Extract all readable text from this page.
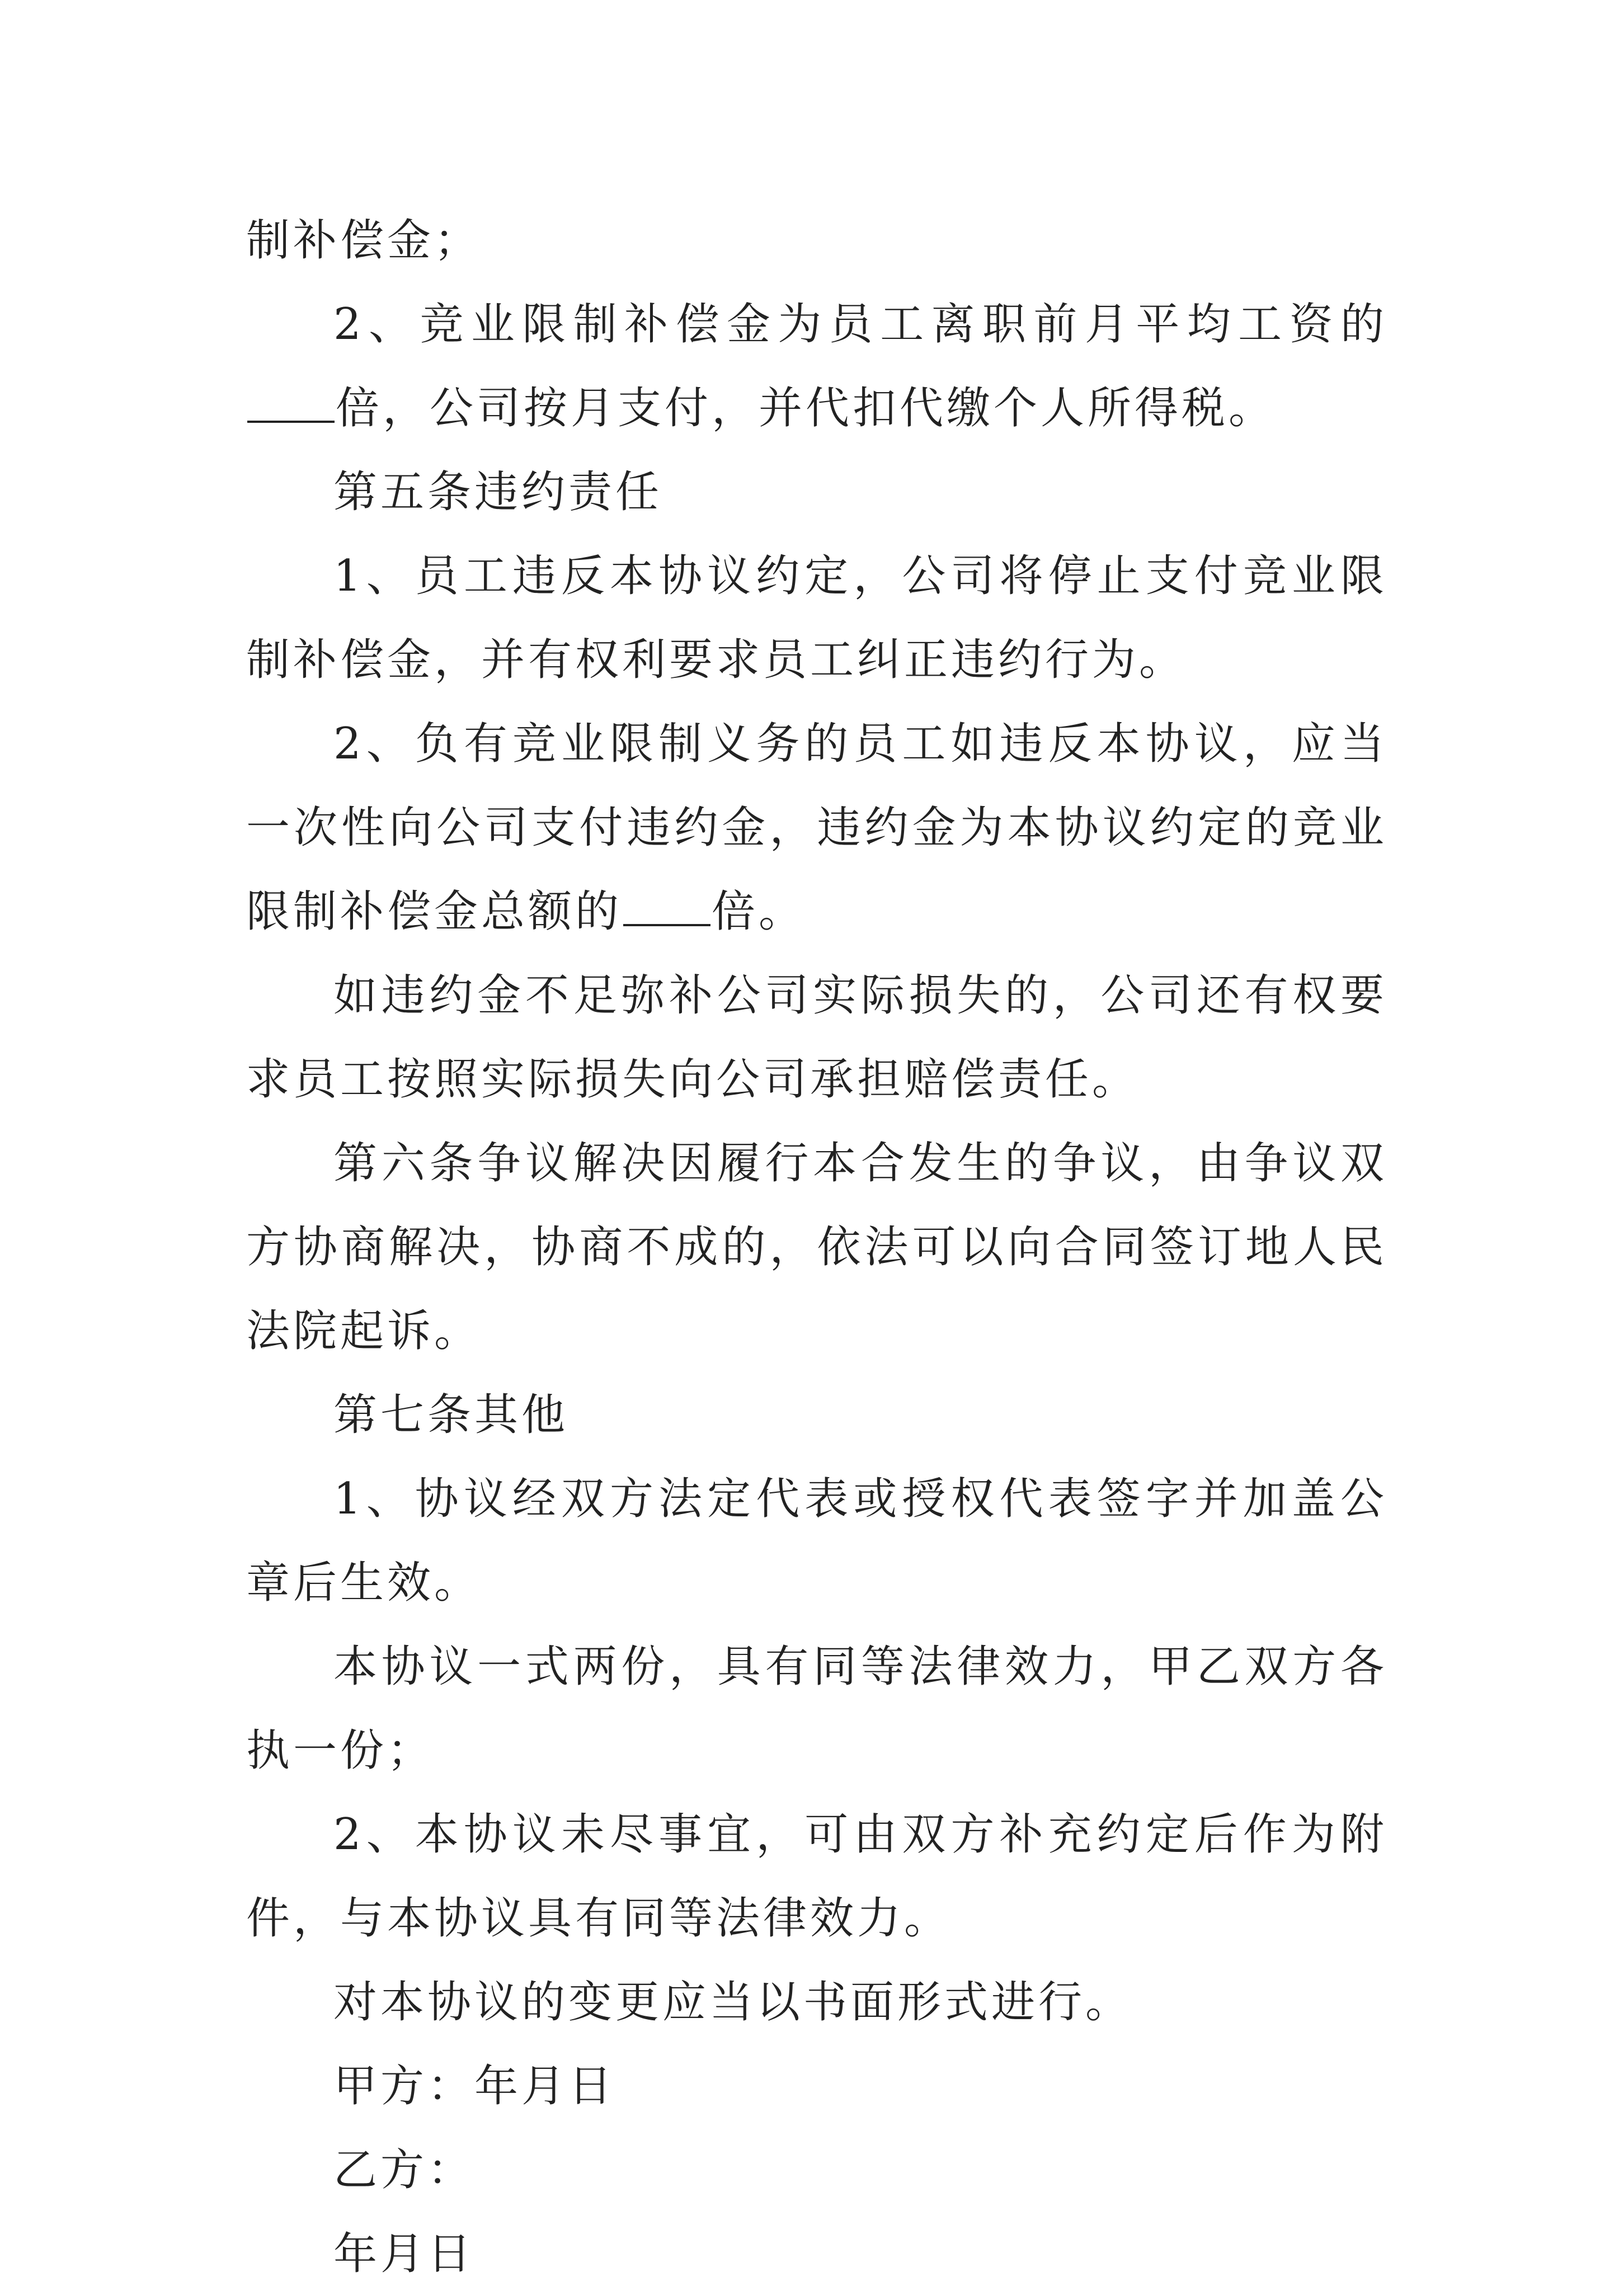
制补偿金；

2、竞业限制补偿金为员工离职前月平均工资的倍，公司按月支付，并代扣代缴个人所得税。

第五条违约责任

1、员工违反本协议约定，公司将停止支付竞业限制补偿金，并有权利要求员工纠正违约行为。

2、负有竞业限制义务的员工如违反本协议，应当一次性向公司支付违约金，违约金为本协议约定的竞业限制补偿金总额的 倍。

如违约金不足弥补公司实际损失的，公司还有权要求员工按照实际损失向公司承担赔偿责任。

第六条争议解决因履行本合发生的争议，由争议双方协商解决，协商不成的，依法可以向合同签订地人民法院起诉。

第七条其他

1、协议经双方法定代表或授权代表签字并加盖公章后生效。

本协议一式两份，具有同等法律效力，甲乙双方各执一份；

2、本协议未尽事宜，可由双方补充约定后作为附件，与本协议具有同等法律效力。

对本协议的变更应当以书面形式进行。

甲方：年月日

乙方：

年月日
